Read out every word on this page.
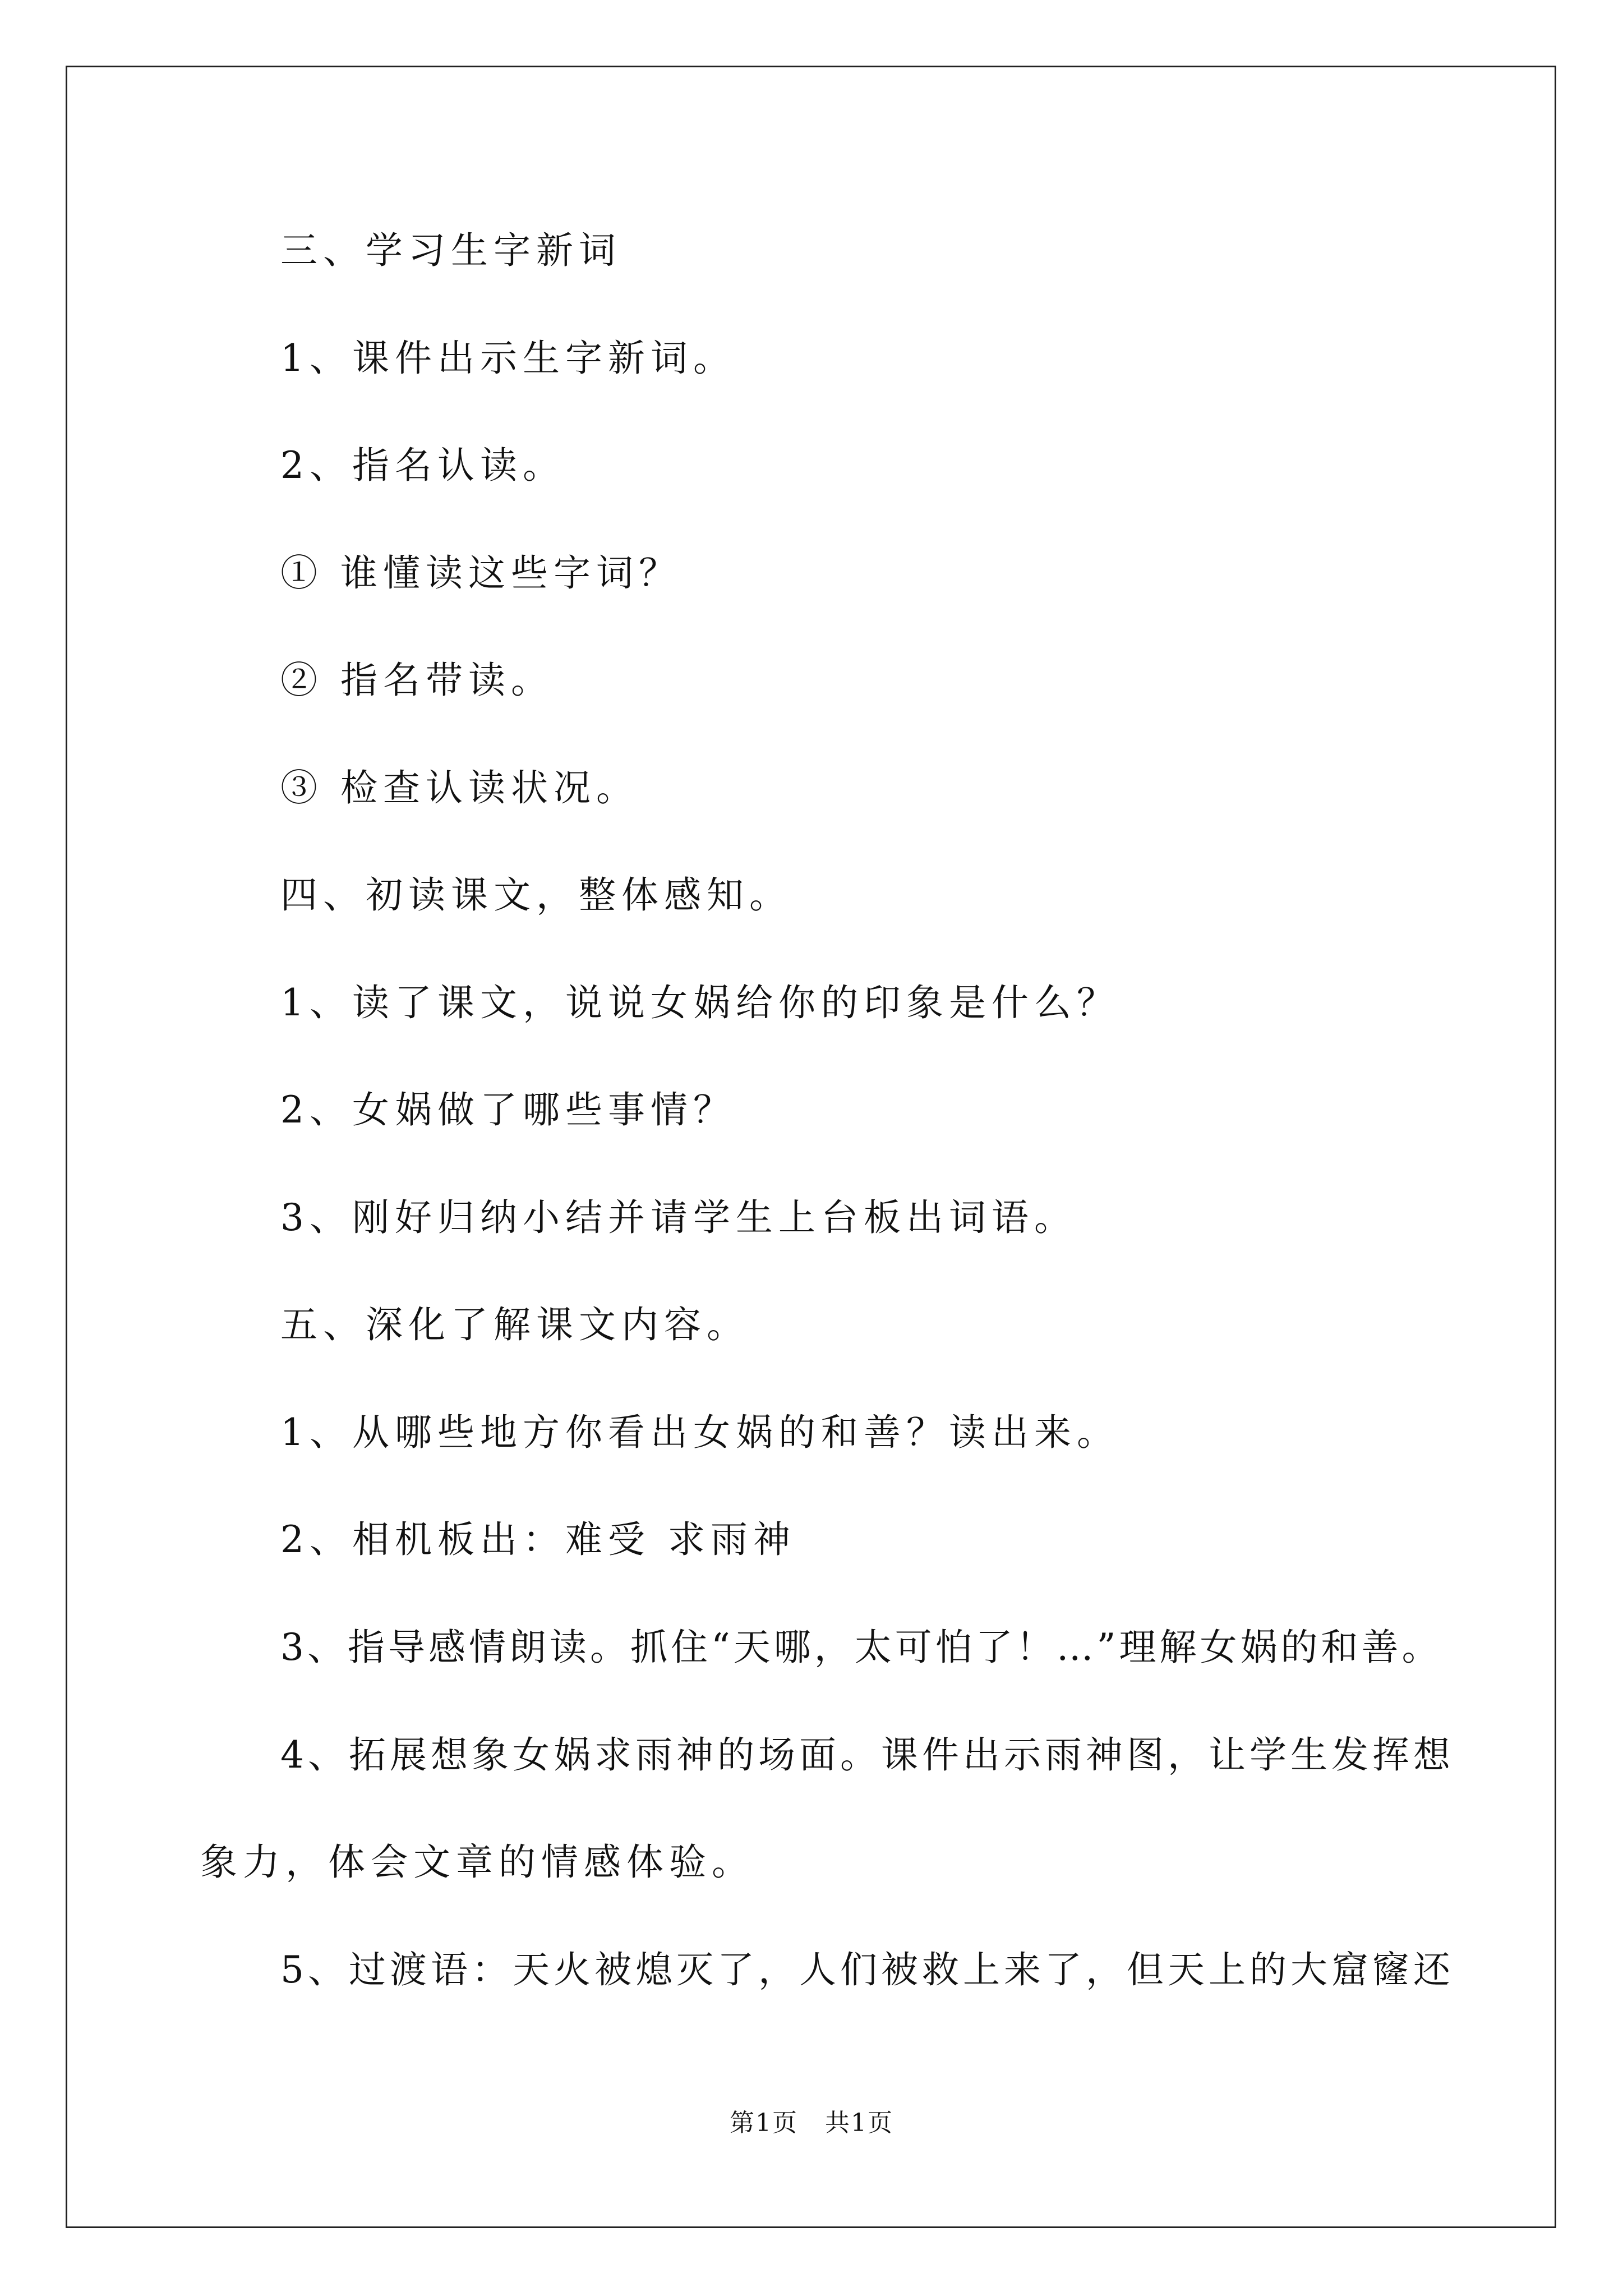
三、学习生字新词
1、课件出示生字新词。
2、指名认读。
① 谁懂读这些字词？
② 指名带读。
③ 检查认读状况。
四、初读课文，整体感知。
1、读了课文，说说女娲给你的印象是什么？
2、女娲做了哪些事情？
3、刚好归纳小结并请学生上台板出词语。
五、深化了解课文内容。
1、从哪些地方你看出女娲的和善？读出来。
2、相机板出：难受 求雨神
3、指导感情朗读。抓住“天哪，太可怕了！…”理解女娲的和善。
4、拓展想象女娲求雨神的场面。课件出示雨神图，让学生发挥想
象力，体会文章的情感体验。
5、过渡语：天火被熄灭了，人们被救上来了，但天上的大窟窿还
第1页   共1页
